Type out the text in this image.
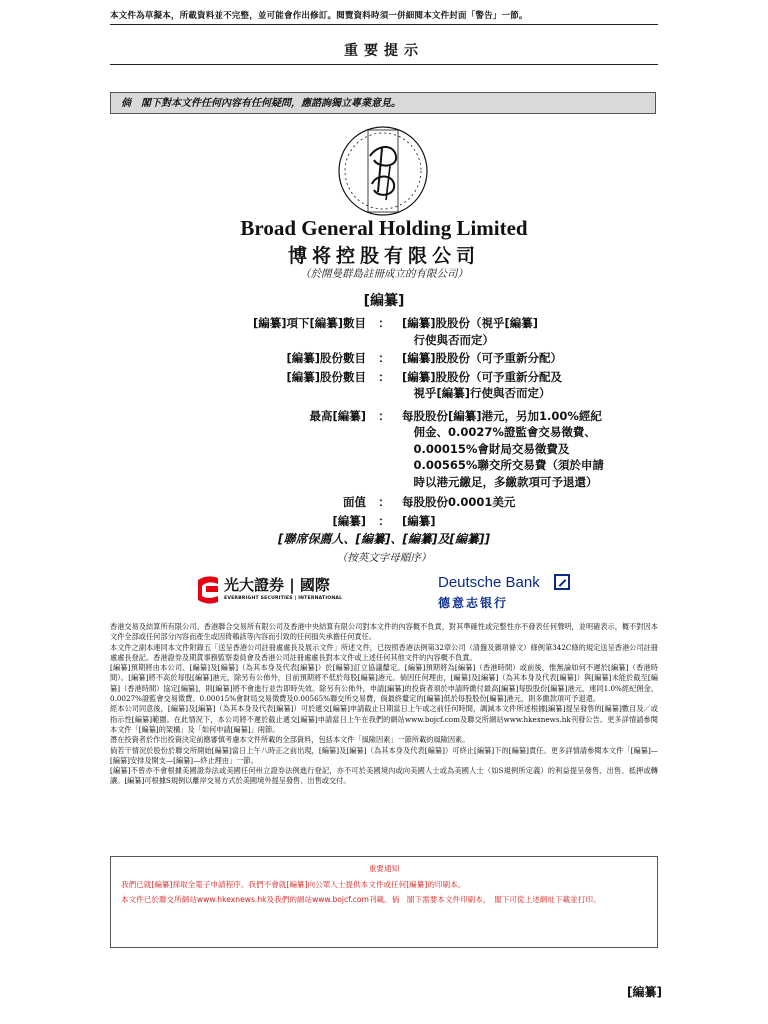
本文件為草擬本，所載資料並不完整，並可能會作出修訂。閱覽資料時須一併細閱本文件封面「警告」一節。
重要提示
倘　閣下對本文件任何內容有任何疑問，應諮詢獨立專業意見。
Broad General Holding Limited
博将控股有限公司
（於開曼群島註冊成立的有限公司）
[編纂]
[編纂]項下[編纂]數目	：	[編纂]股股份（視乎[編纂]
　行使與否而定）
[編纂]股份數目	：	[編纂]股股份（可予重新分配）
[編纂]股份數目	：	[編纂]股股份（可予重新分配及
　視乎[編纂]行使與否而定）
最高[編纂]	：	每股股份[編纂]港元，另加1.00%經紀
　佣金、0.0027%證監會交易徵費、
　0.00015%會財局交易徵費及
　0.00565%聯交所交易費（須於申請
　時以港元繳足，多繳款項可予退還）
面值	：	每股股份0.0001美元
[編纂]	：	[編纂]
[聯席保薦人、[編纂]、[編纂]及[編纂]]
（按英文字母順序）
光大證券 | 國際
EVERBRIGHT SECURITIES | INTERNATIONAL
Deutsche Bank
德意志银行

香港交易及結算所有限公司、香港聯合交易所有限公司及香港中央結算有限公司對本文件的內容概不負責，對其準確性或完整性亦不發表任何聲明，並明確表示，概不對因本文件全部或任何部分內容而產生或因倚賴該等內容而引致的任何損失承擔任何責任。

本文件之副本連同本文件附錄五「送呈香港公司註冊處處長及展示文件」所述文件，已按照香港法例第32章公司（清盤及雜項條文）條例第342C條的規定送呈香港公司註冊處處長登記。香港證券及期貨事務監察委員會及香港公司註冊處處長對本文件或上述任何其他文件的內容概不負責。

[編纂]預期將由本公司、[編纂]及[編纂]（為其本身及代表[編纂]）於[編纂]訂立協議釐定。[編纂]預期將為[編纂]（香港時間）或前後，惟無論如何不遲於[編纂]（香港時間）。[編纂]將不高於每股[編纂]港元，除另有公佈外，目前預期將不低於每股[編纂]港元。倘因任何理由，[編纂]及[編纂]（為其本身及代表[編纂]）與[編纂]未能於截至[編纂]（香港時間）協定[編纂]，則[編纂]將不會進行並告即時失效。除另有公佈外，申請[編纂]的投資者須於申請時繳付最高[編纂]每股股份[編纂]港元，連同1.0%經紀佣金、0.0027%證監會交易徵費、0.00015%會財局交易徵費及0.00565%聯交所交易費，倘最終釐定的[編纂]低於每股股份[編纂]港元，則多繳款項可予退還。

經本公司同意後，[編纂]及[編纂]（為其本身及代表[編纂]）可於遞交[編纂]申請截止日期當日上午或之前任何時間，調減本文件所述根據[編纂]提呈發售的[編纂]數目及／或指示性[編纂]範圍。在此情況下，本公司將不遲於截止遞交[編纂]申請當日上午在我們的網站www.bojcf.com及聯交所網站www.hkexnews.hk刊發公告。更多詳情請參閱本文件「[編纂]的架構」及「如何申請[編纂]」兩節。

潛在投資者於作出投資決定前應審慎考慮本文件所載的全部資料，包括本文件「風險因素」一節所載的風險因素。

倘若干情況於股份於聯交所開始[編纂]當日上午八時正之前出現，[編纂]及[編纂]（為其本身及代表[編纂]）可終止[編纂]下的[編纂]責任。更多詳情請參閱本文件「[編纂]—[編纂]安排及開支—[編纂]—終止理由」一節。

[編纂]不曾亦不會根據美國證券法或美國任何州立證券法例進行登記，亦不可於美國境內或向美國人士或為美國人士（如S規例所定義）的利益提呈發售、出售、抵押或轉讓。[編纂]可根據S規例以離岸交易方式於美國境外提呈發售、出售或交付。

重要通知

我們已就[編纂]採取全電子申請程序。我們不會就[編纂]向公眾人士提供本文件或任何[編纂]的印刷本。

本文件已於聯交所網站www.hkexnews.hk及我們的網站www.bojcf.com刊載。倘　閣下需要本文件印刷本，　閣下可從上述網址下載並打印。

[編纂]
